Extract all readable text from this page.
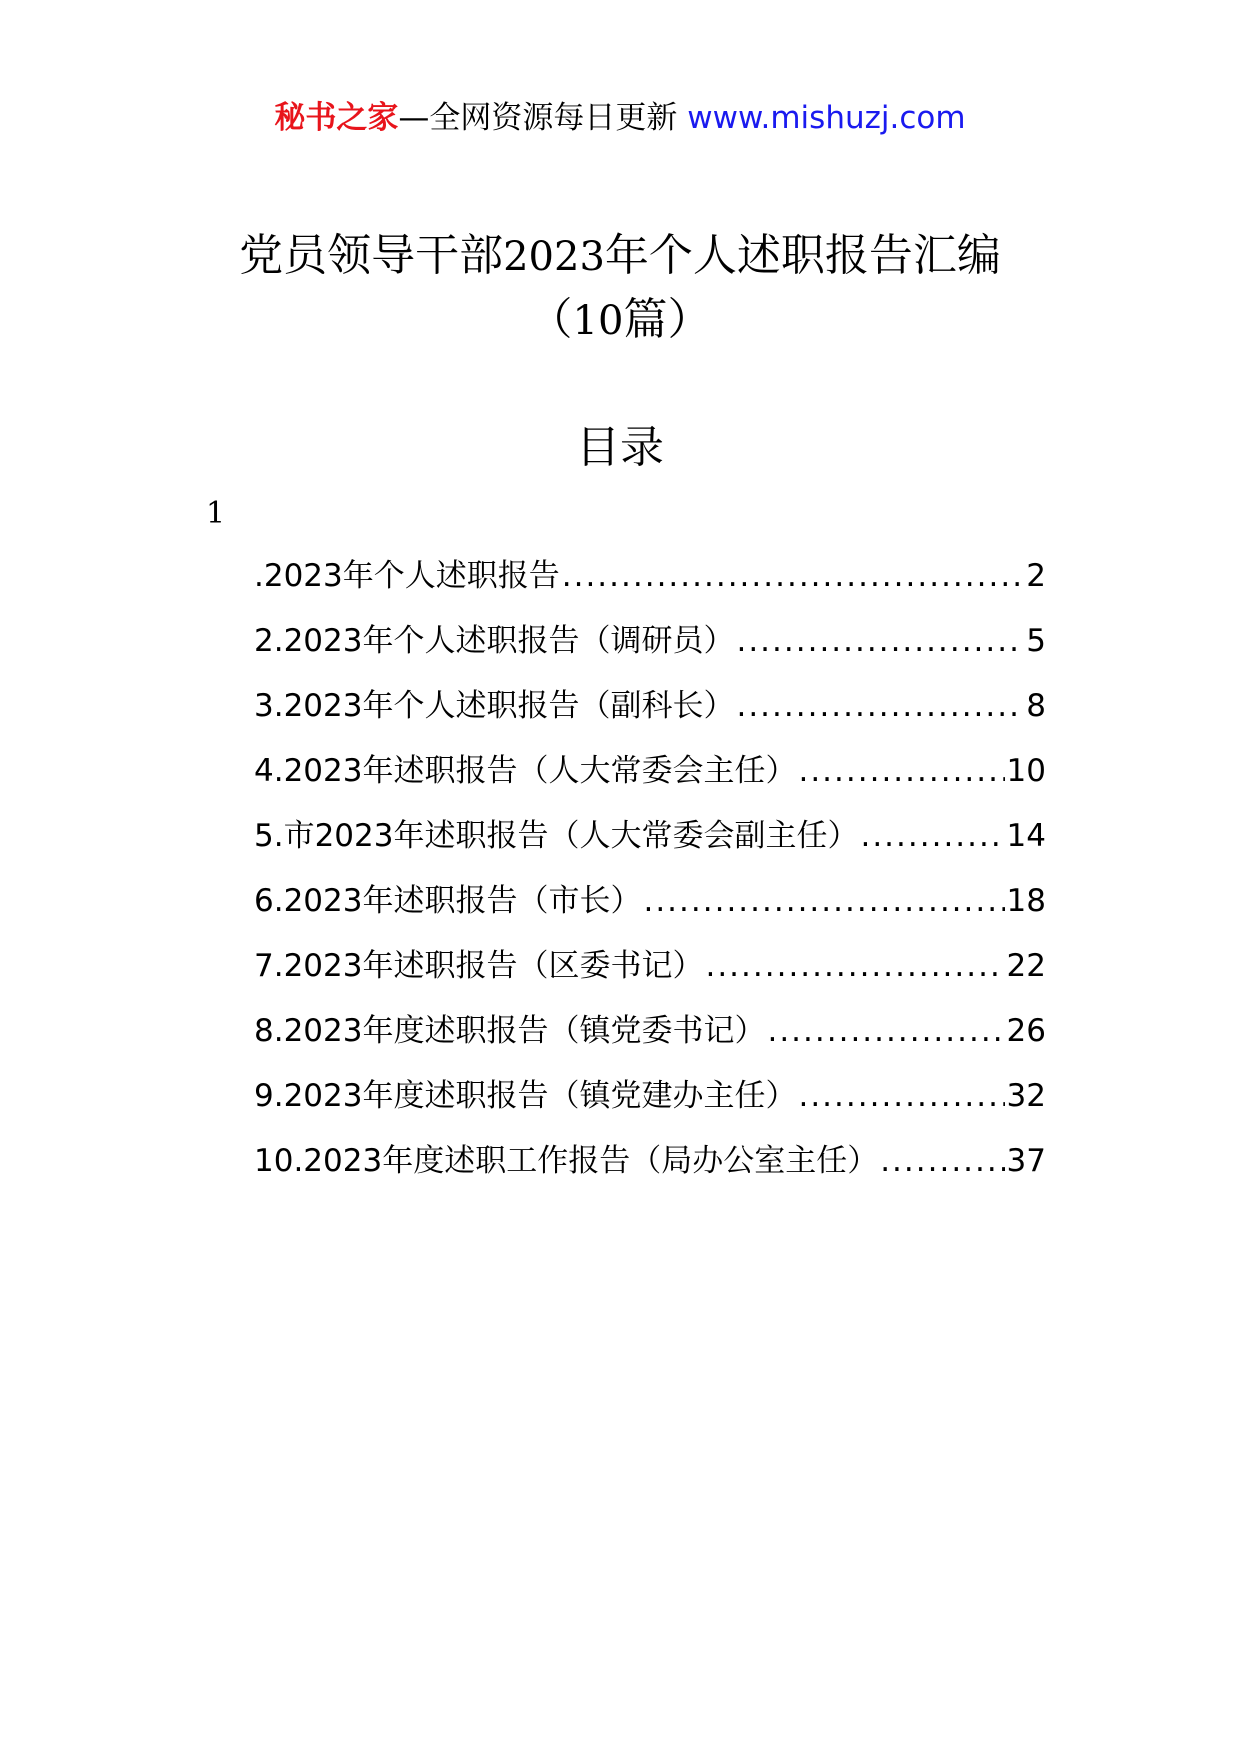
秘书之家—全网资源每日更新 www.mishuzj.com
党员领导干部2023年个人述职报告汇编
（10篇）
目录
1
.2023年个人述职报告 .....	2
2.2023年个人述职报告（调研员） .....	5
3.2023年个人述职报告（副科长） .....	8
4.2023年述职报告（人大常委会主任） .....	10
5.市2023年述职报告（人大常委会副主任） .....	14
6.2023年述职报告（市长） .....	18
7.2023年述职报告（区委书记） .....	22
8.2023年度述职报告（镇党委书记） .....	26
9.2023年度述职报告（镇党建办主任） .....	32
10.2023年度述职工作报告（局办公室主任） .....	37
